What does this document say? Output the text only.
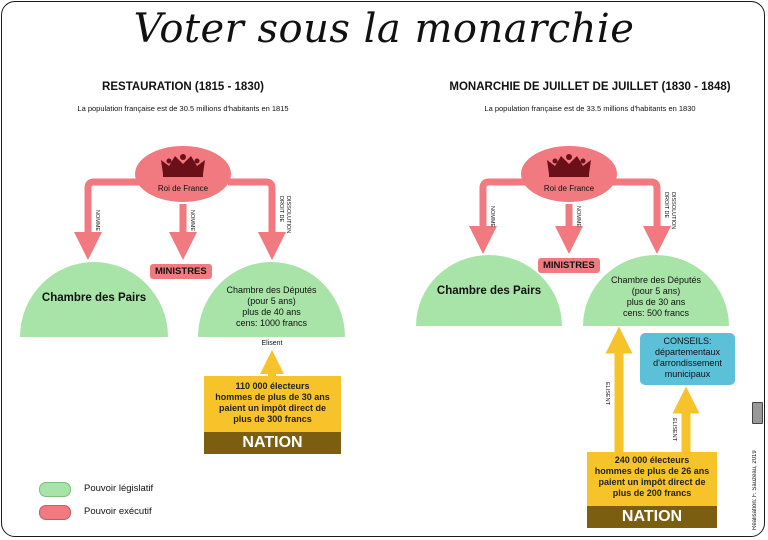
Voter sous la monarchie
RESTAURATION (1815 - 1830)
La population française est de 30.5 millions d'habitants en 1815
Roi de France
NOMME	NOMME	DROIT DE DISSOLUTION
MINISTRES
Chambre des Pairs
Chambre des Députés
(pour 5 ans)
plus de 40 ans
cens: 1000 francs
Elisent
110 000 électeurs
hommes de plus de 30 ans
paient un impôt direct de
plus de 300 francs
NATION
MONARCHIE DE JUILLET DE JUILLET (1830 - 1848)
La population française est de 33.5 millions d'habitants en 1830
Roi de France
NOMME	NOMME	DROIT DE DISSOLUTION
MINISTRES
Chambre des Pairs
Chambre des Députés
(pour 5 ans)
plus de 30 ans
cens: 500 francs
CONSEILS:
départementaux
d'arrondissement
municipaux
ELISENT
ELISENT
240 000 électeurs
hommes de plus de 26 ans
paient un impôt direct de
plus de 200 francs
NATION
Pouvoir législatif
Pouvoir exécutif	Réalisation: F. Sauzeau, 2019
